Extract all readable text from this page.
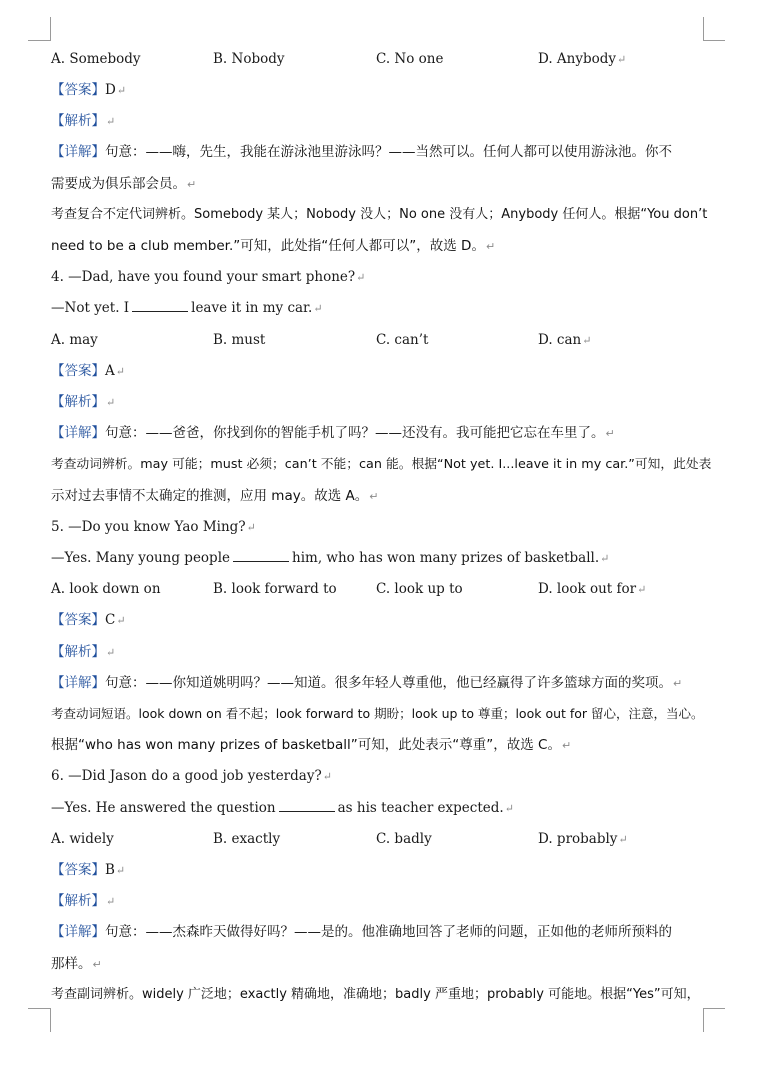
A. Somebody	B. Nobody	C. No one	D. Anybody↵
【答案】D↵
【解析】↵
【详解】句意：——嗨，先生，我能在游泳池里游泳吗？——当然可以。任何人都可以使用游泳池。你不
需要成为俱乐部会员。↵
考查复合不定代词辨析。Somebody 某人；Nobody 没人；No one 没有人；Anybody 任何人。根据“You don’t
need to be a club member.”可知，此处指“任何人都可以”，故选 D。↵
4. —Dad, have you found your smart phone?↵
—Not yet. I	leave it in my car.↵
A. may	B. must	C. can’t	D. can↵
【答案】A↵
【解析】↵
【详解】句意：——爸爸，你找到你的智能手机了吗？——还没有。我可能把它忘在车里了。↵
考查动词辨析。may 可能；must 必须；can’t 不能；can 能。根据“Not yet. I...leave it in my car.”可知，此处表
示对过去事情不太确定的推测，应用 may。故选 A。↵
5. —Do you know Yao Ming?↵
—Yes. Many young people	him, who has won many prizes of basketball.↵
A. look down on	B. look forward to	C. look up to	D. look out for↵
【答案】C↵
【解析】↵
【详解】句意：——你知道姚明吗？——知道。很多年轻人尊重他，他已经赢得了许多篮球方面的奖项。↵
考查动词短语。look down on 看不起；look forward to 期盼；look up to 尊重；look out for 留心，注意，当心。
根据“who has won many prizes of basketball”可知，此处表示“尊重”，故选 C。↵
6. —Did Jason do a good job yesterday?↵
—Yes. He answered the question	as his teacher expected.↵
A. widely	B. exactly	C. badly	D. probably↵
【答案】B↵
【解析】↵
【详解】句意：——杰森昨天做得好吗？——是的。他准确地回答了老师的问题，正如他的老师所预料的
那样。↵
考查副词辨析。widely 广泛地；exactly 精确地，准确地；badly 严重地；probably 可能地。根据“Yes”可知，
